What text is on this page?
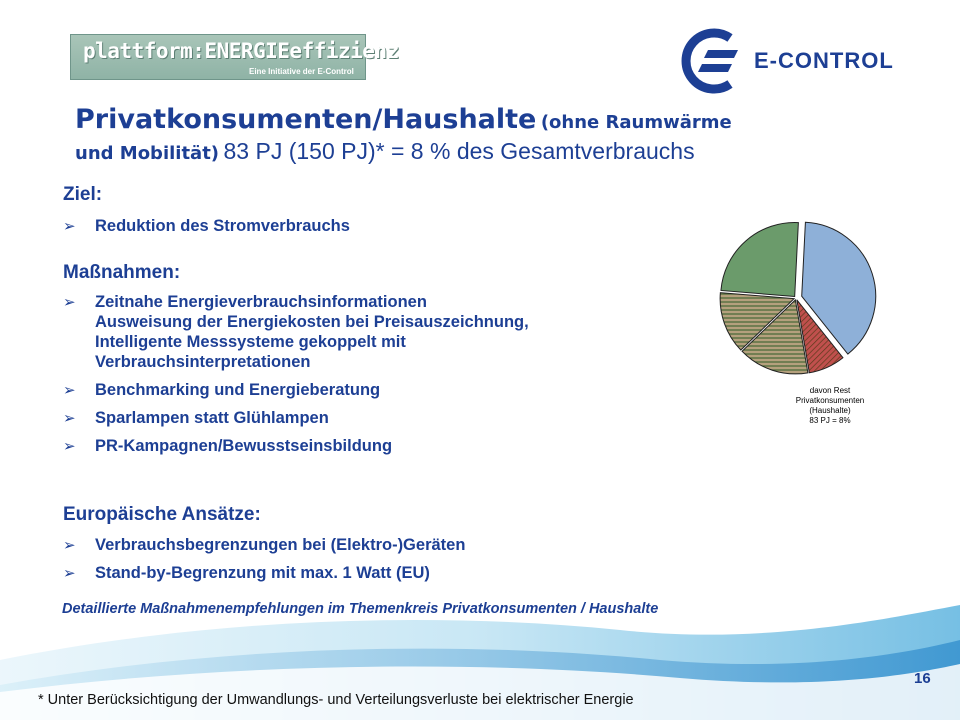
plattform:ENERGIEeffizienz
Eine Initiative der E-Control	E-CONTROL
Privatkonsumenten/Haushalte (ohne Raumwärme
und Mobilität) 83 PJ (150 PJ)* = 8 % des Gesamtverbrauchs
Ziel:
➢ Reduktion des Stromverbrauchs
Maßnahmen:
➢ Zeitnahe Energieverbrauchsinformationen
Ausweisung der Energiekosten bei Preisauszeichnung,
Intelligente Messsysteme gekoppelt mit
Verbrauchsinterpretationen
➢ Benchmarking und Energieberatung
➢ Sparlampen statt Glühlampen
➢ PR-Kampagnen/Bewusstseinsbildung
Europäische Ansätze:
➢ Verbrauchsbegrenzungen bei (Elektro-)Geräten
➢ Stand-by-Begrenzung mit max. 1 Watt (EU)
Detaillierte Maßnahmenempfehlungen im Themenkreis Privatkonsumenten / Haushalte
davon Rest
Privatkonsumenten
(Haushalte)
83 PJ = 8%
16
* Unter Berücksichtigung der Umwandlungs- und Verteilungsverluste bei elektrischer Energie
